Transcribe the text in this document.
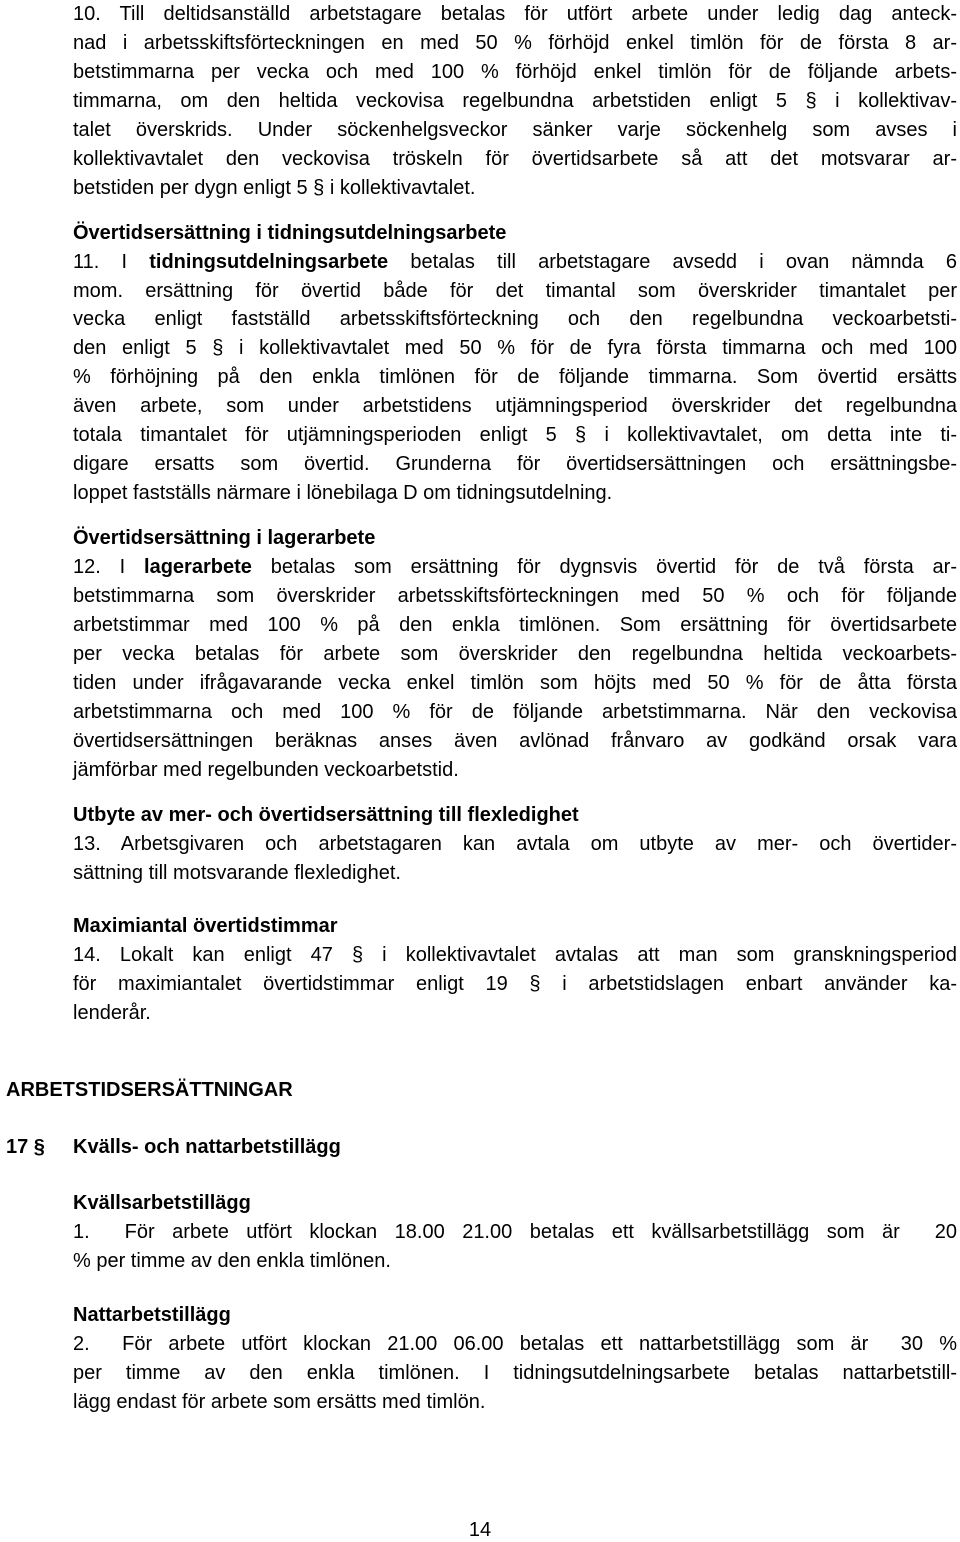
10. Till deltidsanställd arbetstagare betalas för utfört arbete under ledig dag anteck-
nad i arbetsskiftsförteckningen en med 50 % förhöjd enkel timlön för de första 8 ar-
betstimmarna per vecka och med 100 % förhöjd enkel timlön för de följande arbets-
timmarna, om den heltida veckovisa regelbundna arbetstiden enligt 5 § i kollektivav-
talet överskrids. Under söckenhelgsveckor sänker varje söckenhelg som avses i
kollektivavtalet den veckovisa tröskeln för övertidsarbete så att det motsvarar ar-
betstiden per dygn enligt 5 § i kollektivavtalet.
Övertidsersättning i tidningsutdelningsarbete
11. I tidningsutdelningsarbete betalas till arbetstagare avsedd i ovan nämnda 6
mom. ersättning för övertid både för det timantal som överskrider timantalet per
vecka enligt fastställd arbetsskiftsförteckning och den regelbundna veckoarbetsti-
den enligt 5 § i kollektivavtalet med 50 % för de fyra första timmarna och med 100
% förhöjning på den enkla timlönen för de följande timmarna. Som övertid ersätts
även arbete, som under arbetstidens utjämningsperiod överskrider det regelbundna
totala timantalet för utjämningsperioden enligt 5 § i kollektivavtalet, om detta inte ti-
digare ersatts som övertid. Grunderna för övertidsersättningen och ersättningsbe-
loppet fastställs närmare i lönebilaga D om tidningsutdelning.
Övertidsersättning i lagerarbete
12. I lagerarbete betalas som ersättning för dygnsvis övertid för de två första ar-
betstimmarna som överskrider arbetsskiftsförteckningen med 50 % och för följande
arbetstimmar med 100 % på den enkla timlönen. Som ersättning för övertidsarbete
per vecka betalas för arbete som överskrider den regelbundna heltida veckoarbets-
tiden under ifrågavarande vecka enkel timlön som höjts med 50 % för de åtta första
arbetstimmarna och med 100 % för de följande arbetstimmarna. När den veckovisa
övertidsersättningen beräknas anses även avlönad frånvaro av godkänd orsak vara
jämförbar med regelbunden veckoarbetstid.
Utbyte av mer- och övertidsersättning till flexledighet
13. Arbetsgivaren och arbetstagaren kan avtala om utbyte av mer- och övertider-
sättning till motsvarande flexledighet.
Maximiantal övertidstimmar
14. Lokalt kan enligt 47 § i kollektivavtalet avtalas att man som granskningsperiod
för maximiantalet övertidstimmar enligt 19 § i arbetstidslagen enbart använder ka-
lenderår.
ARBETSTIDSERSÄTTNINGAR
17 § Kvälls- och nattarbetstillägg
Kvällsarbetstillägg
1.  För arbete utfört klockan 18.00 21.00 betalas ett kvällsarbetstillägg som är  20
% per timme av den enkla timlönen.
Nattarbetstillägg
2.  För arbete utfört klockan 21.00 06.00 betalas ett nattarbetstillägg som är  30 %
per timme av den enkla timlönen. I tidningsutdelningsarbete betalas nattarbetstill-
lägg endast för arbete som ersätts med timlön.
14
